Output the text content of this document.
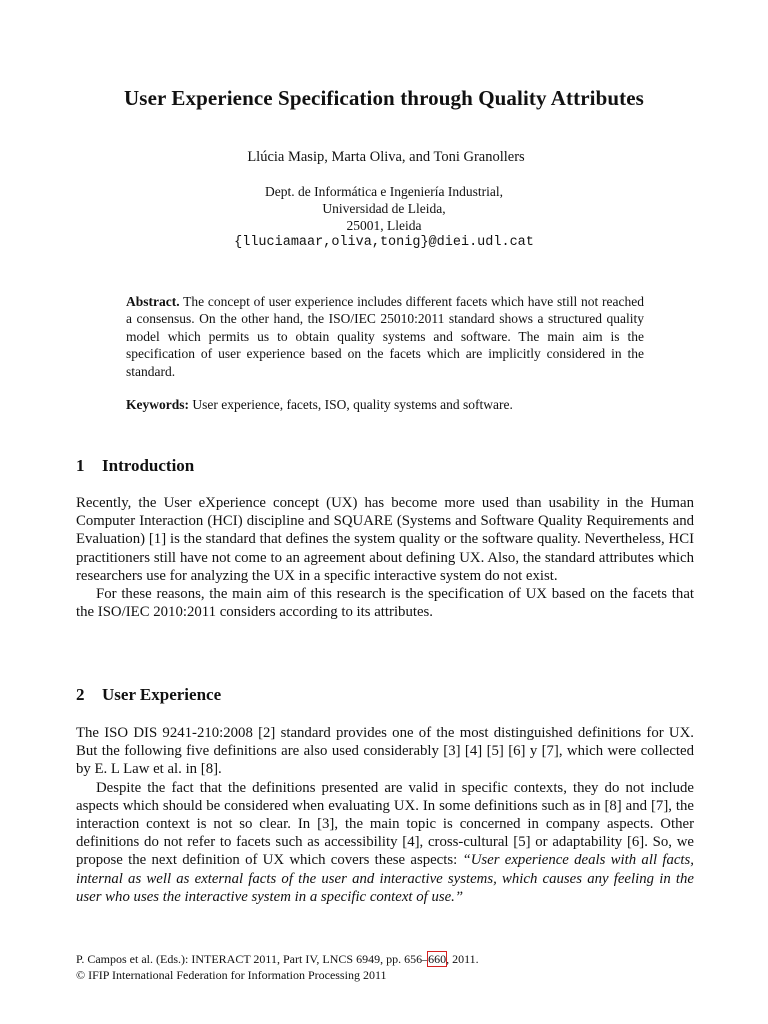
User Experience Specification through Quality Attributes
Llúcia Masip, Marta Oliva, and Toni Granollers
Dept. de Informática e Ingeniería Industrial,
Universidad de Lleida,
25001, Lleida
{lluciamaar,oliva,tonig}@diei.udl.cat
Abstract. The concept of user experience includes different facets which have still not reached a consensus. On the other hand, the ISO/IEC 25010:2011 standard shows a structured quality model which permits us to obtain quality systems and software. The main aim is the specification of user experience based on the facets which are implicitly considered in the standard.
Keywords: User experience, facets, ISO, quality systems and software.
1 Introduction

Recently, the User eXperience concept (UX) has become more used than usability in the Human Computer Interaction (HCI) discipline and SQUARE (Systems and Software Quality Requirements and Evaluation) [1] is the standard that defines the system quality or the software quality. Nevertheless, HCI practitioners still have not come to an agreement about defining UX. Also, the standard attributes which researchers use for analyzing the UX in a specific interactive system do not exist.

For these reasons, the main aim of this research is the specification of UX based on the facets that the ISO/IEC 2010:2011 considers according to its attributes.

2 User Experience

The ISO DIS 9241-210:2008 [2] standard provides one of the most distinguished definitions for UX. But the following five definitions are also used considerably [3] [4] [5] [6] y [7], which were collected by E. L Law et al. in [8].

Despite the fact that the definitions presented are valid in specific contexts, they do not include aspects which should be considered when evaluating UX. In some definitions such as in [8] and [7], the interaction context is not so clear. In [3], the main topic is concerned in company aspects. Other definitions do not refer to facets such as accessibility [4], cross-cultural [5] or adaptability [6]. So, we propose the next definition of UX which covers these aspects: “User experience deals with all facts, internal as well as external facts of the user and interactive systems, which causes any feeling in the user who uses the interactive system in a specific context of use.”

P. Campos et al. (Eds.): INTERACT 2011, Part IV, LNCS 6949, pp. 656–660, 2011.
© IFIP International Federation for Information Processing 2011
